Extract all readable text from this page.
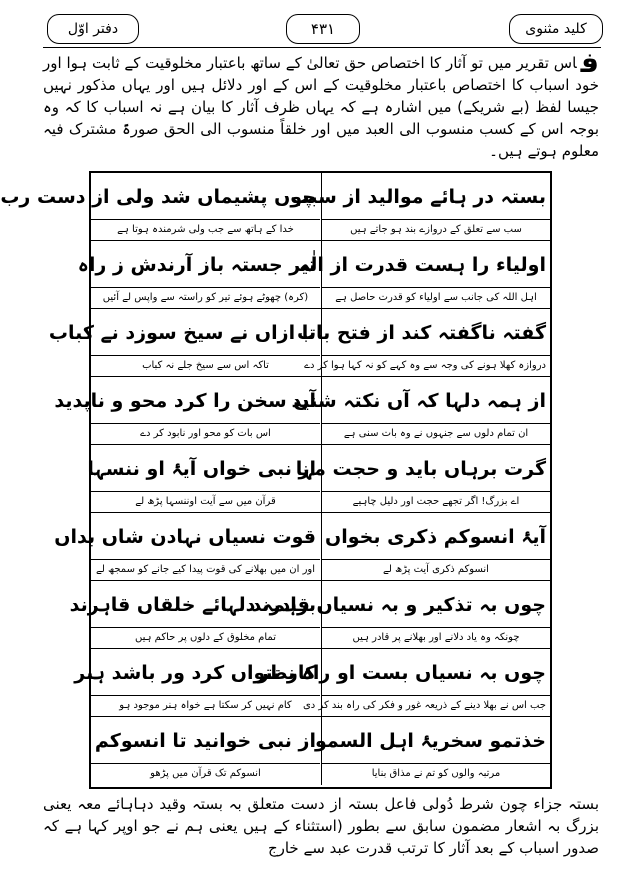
کلید مثنوی
۴۳۱
دفتر اوّل
فاس تقریر میں تو آثار کا اختصاص حق تعالیٰ کے ساتھ باعتبار مخلوقیت کے ثابت ہوا اور خود اسباب کا اختصاص باعتبار مخلوقیت کے اس کے اور دلائل ہیں اور یہاں مذکور نہیں جیسا لفظ (بے شریکے) میں اشارہ ہے کہ یہاں ظرف آثار کا بیان ہے نہ اسباب کا کہ وہ بوجہ اس کے کسب منسوب الی العبد میں اور خلقاً منسوب الی الحق صورۃً مشترک فیہ معلوم ہوتے ہیں۔
بستہ در ہائے موالید از سبب
سب سے تعلق کے دروازے بند ہو جاتے ہیں
چوں پشیماں شد ولی از دست رب
خدا کے ہاتھ سے جب ولی شرمندہ ہوتا ہے
اولیاء را ہست قدرت از الٰہ
اہل اللہ کی جانب سے اولیاء کو قدرت حاصل ہے
تیر جستہ باز آرندش ز راہ
(کرہ) چھوٹے ہوئے تیر کو راستہ سے واپس لے آئیں
گفتہ ناگفتہ کند از فتح باب
دروازہ کھلا ہونے کی وجہ سے وہ کہے کو نہ کہا ہوا کر دے
تا ازاں نے سیخ سوزد نے کباب
تاکہ اس سے سیخ جلے نہ کباب
از ہمہ دلہا کہ آں نکتہ شنید
ان تمام دلوں سے جنہوں نے وہ بات سنی ہے
آں سخن را کرد محو و ناپدید
اس بات کو محو اور نابود کر دے
گرت برہاں باید و حجت مہا
اے بزرگ! اگر تجھے حجت اور دلیل چاہیے
از نبی خواں آیۂ او ننسہا
قرآن میں سے آیت اوننسہا پڑھ لے
آیۂ انسوکم ذکری بخواں
انسوکم ذکری آیت پڑھ لے
قوت نسیاں نہادن شاں بداں
اور ان میں بھلانے کی قوت پیدا کیے جانے کو سمجھ لے
چوں بہ تذکیر و بہ نسیاں قادرند
چونکہ وہ یاد دلانے اور بھلانے پر قادر ہیں
برہمہ دلہائے خلقاں قاہرند
تمام مخلوق کے دلوں پر حاکم ہیں
چوں بہ نسیاں بست او راہ نظر
جب اس نے بھلا دینے کے ذریعہ غور و فکر کی راہ بند کر دی
کار نتواں کرد ور باشد ہنر
کام نہیں کر سکتا ہے خواہ ہنر موجود ہو
خذتمو سخریۂ اہل السمو
مرتبہ والوں کو تم نے مذاق بنایا
از نبی خوانید تا انسوکم
انسوکم تک قرآن میں پڑھو
بستہ جزاء چون شرط دُولی فاعل بستہ از دست متعلق بہ بستہ وقید دہاہائے معہ یعنی بزرگ بہ اشعار مضمون سابق سے بطور (استثناء کے ہیں یعنی ہم نے جو اوپر کہا ہے کہ صدور اسباب کے بعد آثار کا ترتب قدرت عبد سے خارج
